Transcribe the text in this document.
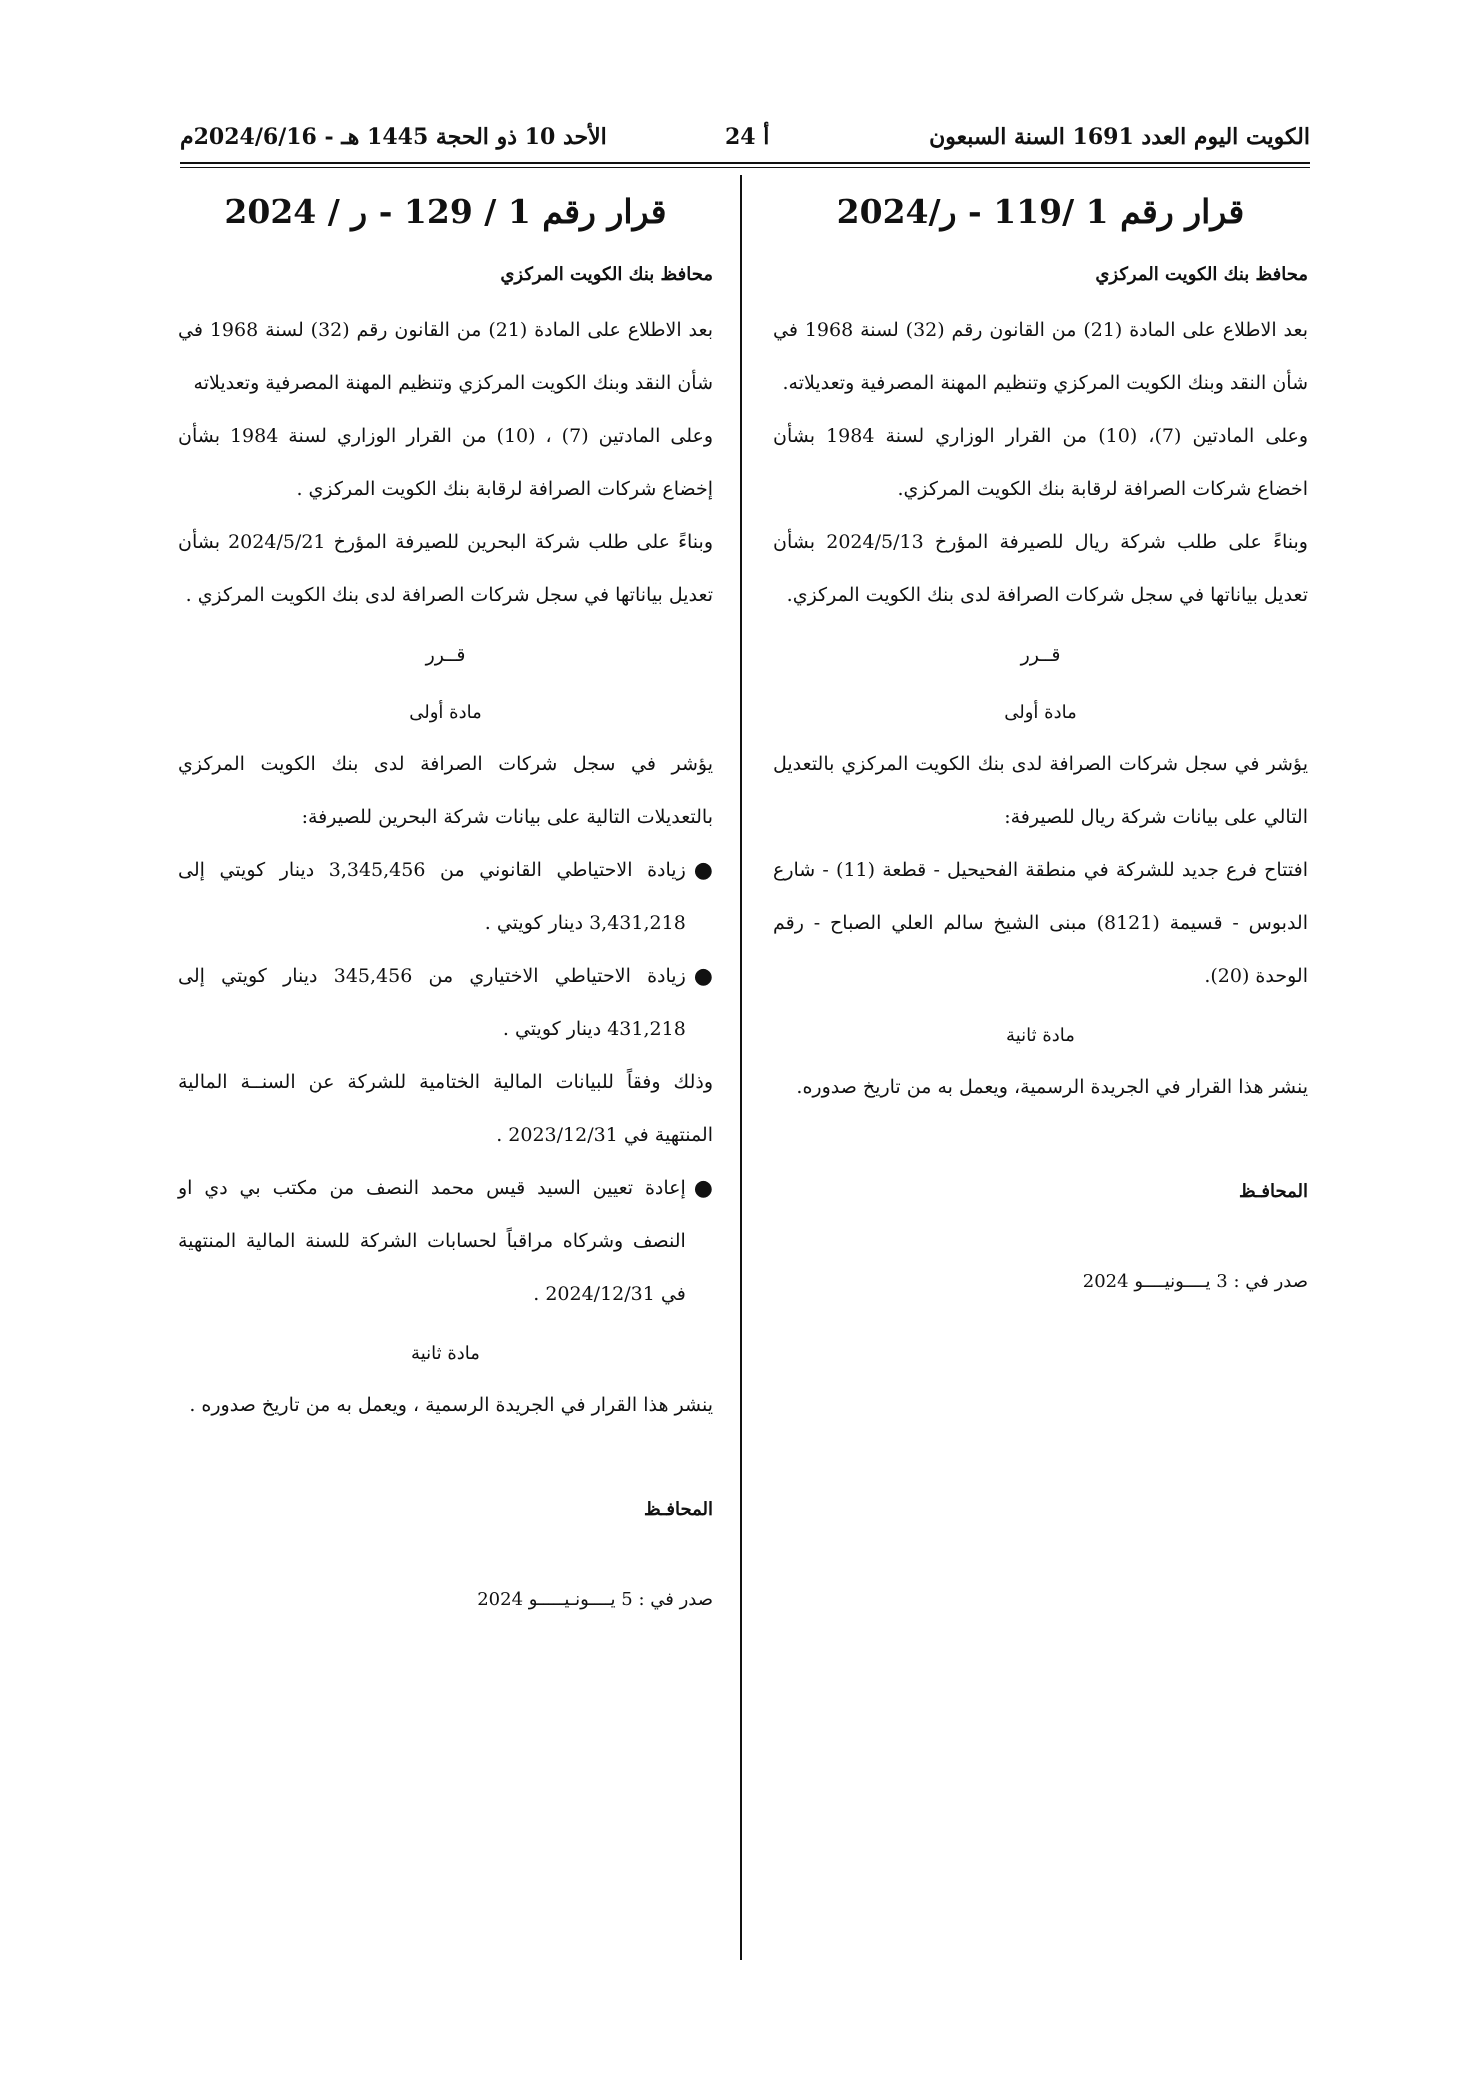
الكويت اليوم العدد 1691 السنة السبعون
أ 24
الأحد 10 ذو الحجة 1445 هـ - 2024/6/16م
قرار رقم 1 /119 - ر/2024
محافظ بنك الكويت المركزي

بعد الاطلاع على المادة (21) من القانون رقم (32) لسنة 1968 في شأن النقد وبنك الكويت المركزي وتنظيم المهنة المصرفية وتعديلاته.

وعلى المادتين (7)، (10) من القرار الوزاري لسنة 1984 بشأن اخضاع شركات الصرافة لرقابة بنك الكويت المركزي.

وبناءً على طلب شركة ريال للصيرفة المؤرخ 2024/5/13 بشأن تعديل بياناتها في سجل شركات الصرافة لدى بنك الكويت المركزي.

قــرر
مادة أولى

يؤشر في سجل شركات الصرافة لدى بنك الكويت المركزي بالتعديل التالي على بيانات شركة ريال للصيرفة:

افتتاح فرع جديد للشركة في منطقة الفحيحيل - قطعة (11) - شارع الدبوس - قسيمة (8121) مبنى الشيخ سالم العلي الصباح - رقم الوحدة (20).

مادة ثانية

ينشر هذا القرار في الجريدة الرسمية، ويعمل به من تاريخ صدوره.

المحافـظ
صدر في : 3 يــــونيــــو 2024
قرار رقم 1 / 129 - ر / 2024
محافظ بنك الكويت المركزي

بعد الاطلاع على المادة (21) من القانون رقم (32) لسنة 1968 في شأن النقد وبنك الكويت المركزي وتنظيم المهنة المصرفية وتعديلاته

وعلى المادتين (7) ، (10) من القرار الوزاري لسنة 1984 بشأن إخضاع شركات الصرافة لرقابة بنك الكويت المركزي .

وبناءً على طلب شركة البحرين للصيرفة المؤرخ 2024/5/21 بشأن تعديل بياناتها في سجل شركات الصرافة لدى بنك الكويت المركزي .

قــرر
مادة أولى

يؤشر في سجل شركات الصرافة لدى بنك الكويت المركزي بالتعديلات التالية على بيانات شركة البحرين للصيرفة:

●

زيادة الاحتياطي القانوني من 3,345,456 دينار كويتي إلى 3,431,218 دينار كويتي .

●

زيادة الاحتياطي الاختياري من 345,456 دينار كويتي إلى 431,218 دينار كويتي .

وذلك وفقاً للبيانات المالية الختامية للشركة عن السنــة المالية المنتهية في 2023/12/31 .

●

إعادة تعيين السيد قيس محمد النصف من مكتب بي دي او النصف وشركاه مراقباً لحسابات الشركة للسنة المالية المنتهية في 2024/12/31 .

مادة ثانية

ينشر هذا القرار في الجريدة الرسمية ، ويعمل به من تاريخ صدوره .

المحافـظ
صدر في : 5 يــــونـيـــــو 2024
